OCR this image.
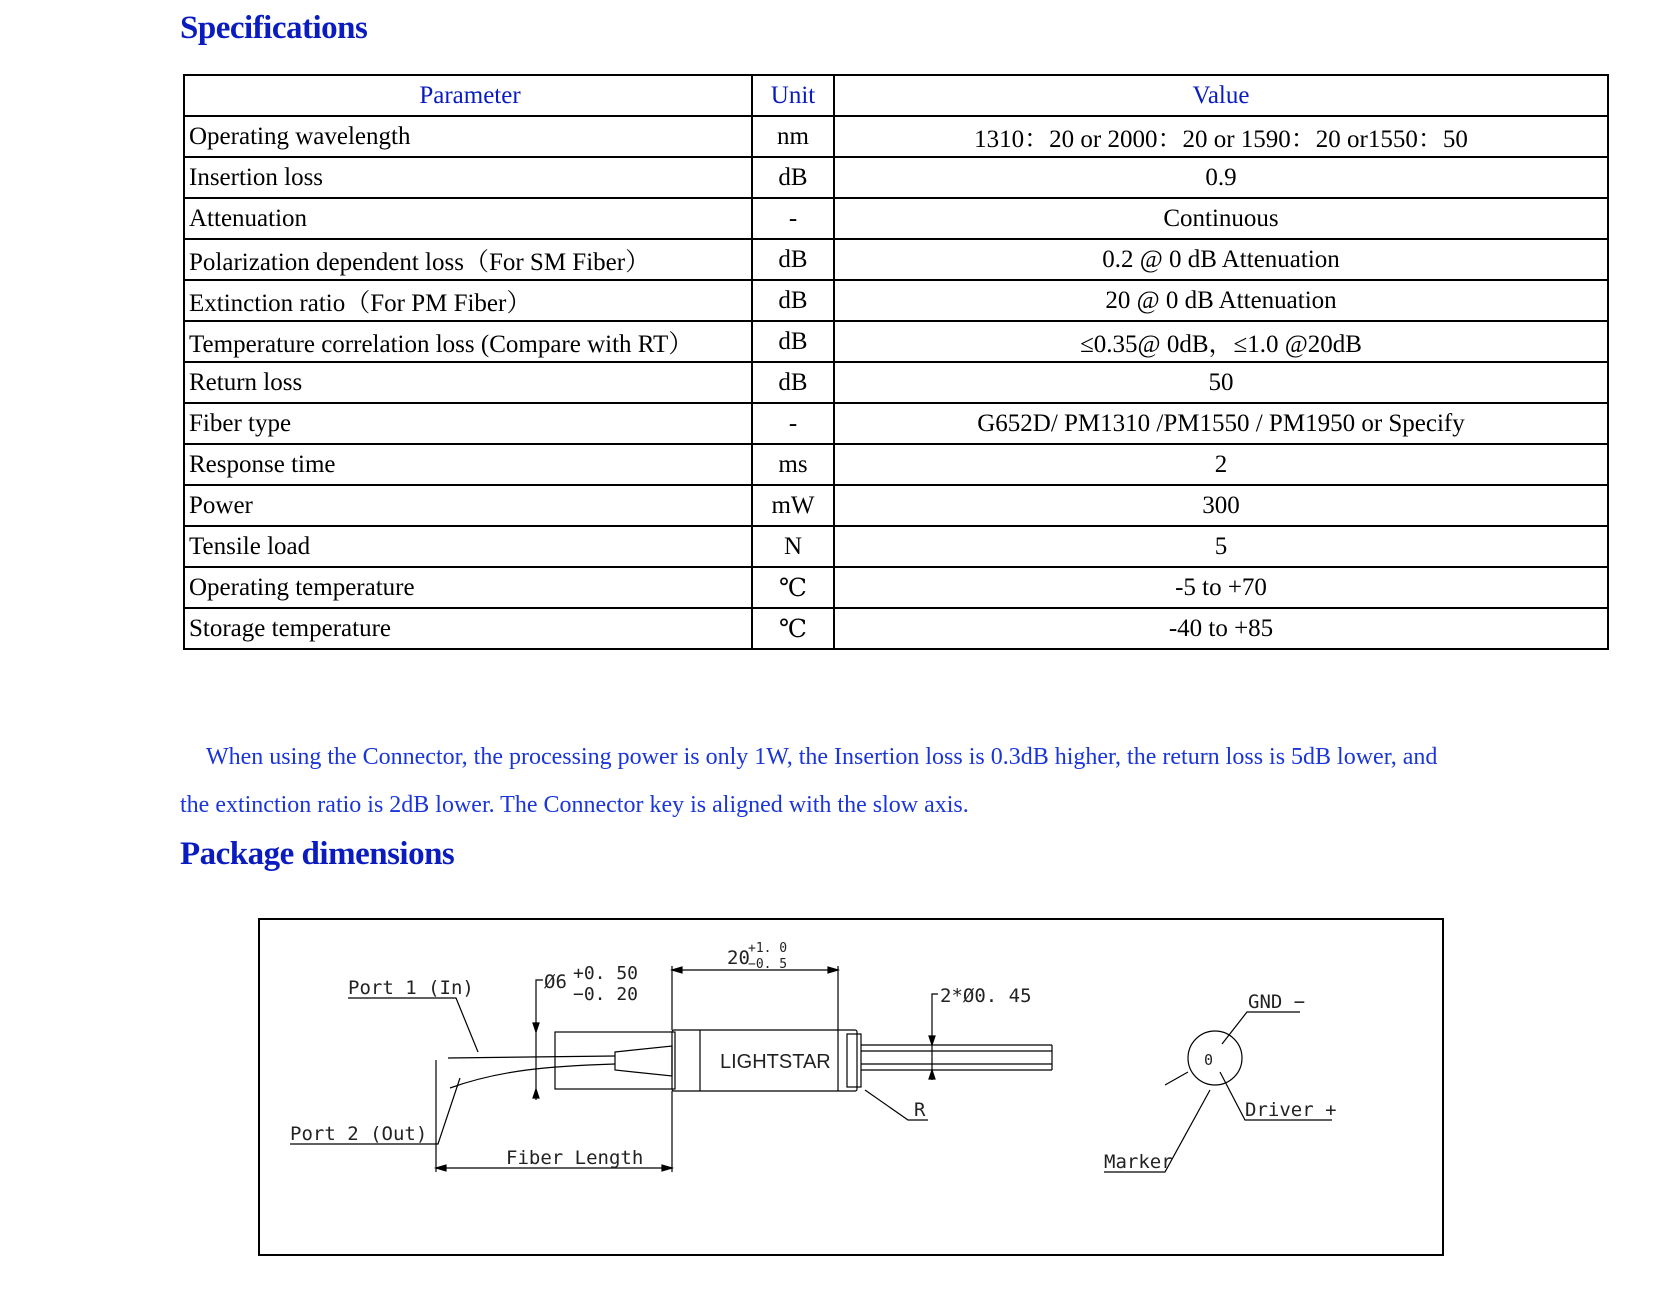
Specifications
Parameter	Unit	Value
Operating wavelength	nm	1310：20 or 2000：20 or 1590：20 or1550：50
Insertion loss	dB	0.9
Attenuation	-	Continuous
Polarization dependent loss（For SM Fiber）	dB	0.2 @ 0 dB Attenuation
Extinction ratio（For PM Fiber）	dB	20 @ 0 dB Attenuation
Temperature correlation loss (Compare with RT）	dB	≤0.35@ 0dB，≤1.0 @20dB
Return loss	dB	50
Fiber type	-	G652D/ PM1310 /PM1550 / PM1950 or Specify
Response time	ms	2
Power	mW	300
Tensile load	N	5
Operating temperature	℃	-5 to +70
Storage temperature	℃	-40 to +85
When using the Connector, the processing power is only 1W, the Insertion loss is 0.3dB higher, the return loss is 5dB lower, and
the extinction ratio is 2dB lower. The Connector key is aligned with the slow axis.
Package dimensions
Port 1 (In)
Port 2 (Out)
Fiber Length
R
Marker
GND −
Driver +
2*Ø0. 45
Ø6 +0. 50
−0. 20
20
+1. 0
−0. 5
LIGHTSTAR	0
